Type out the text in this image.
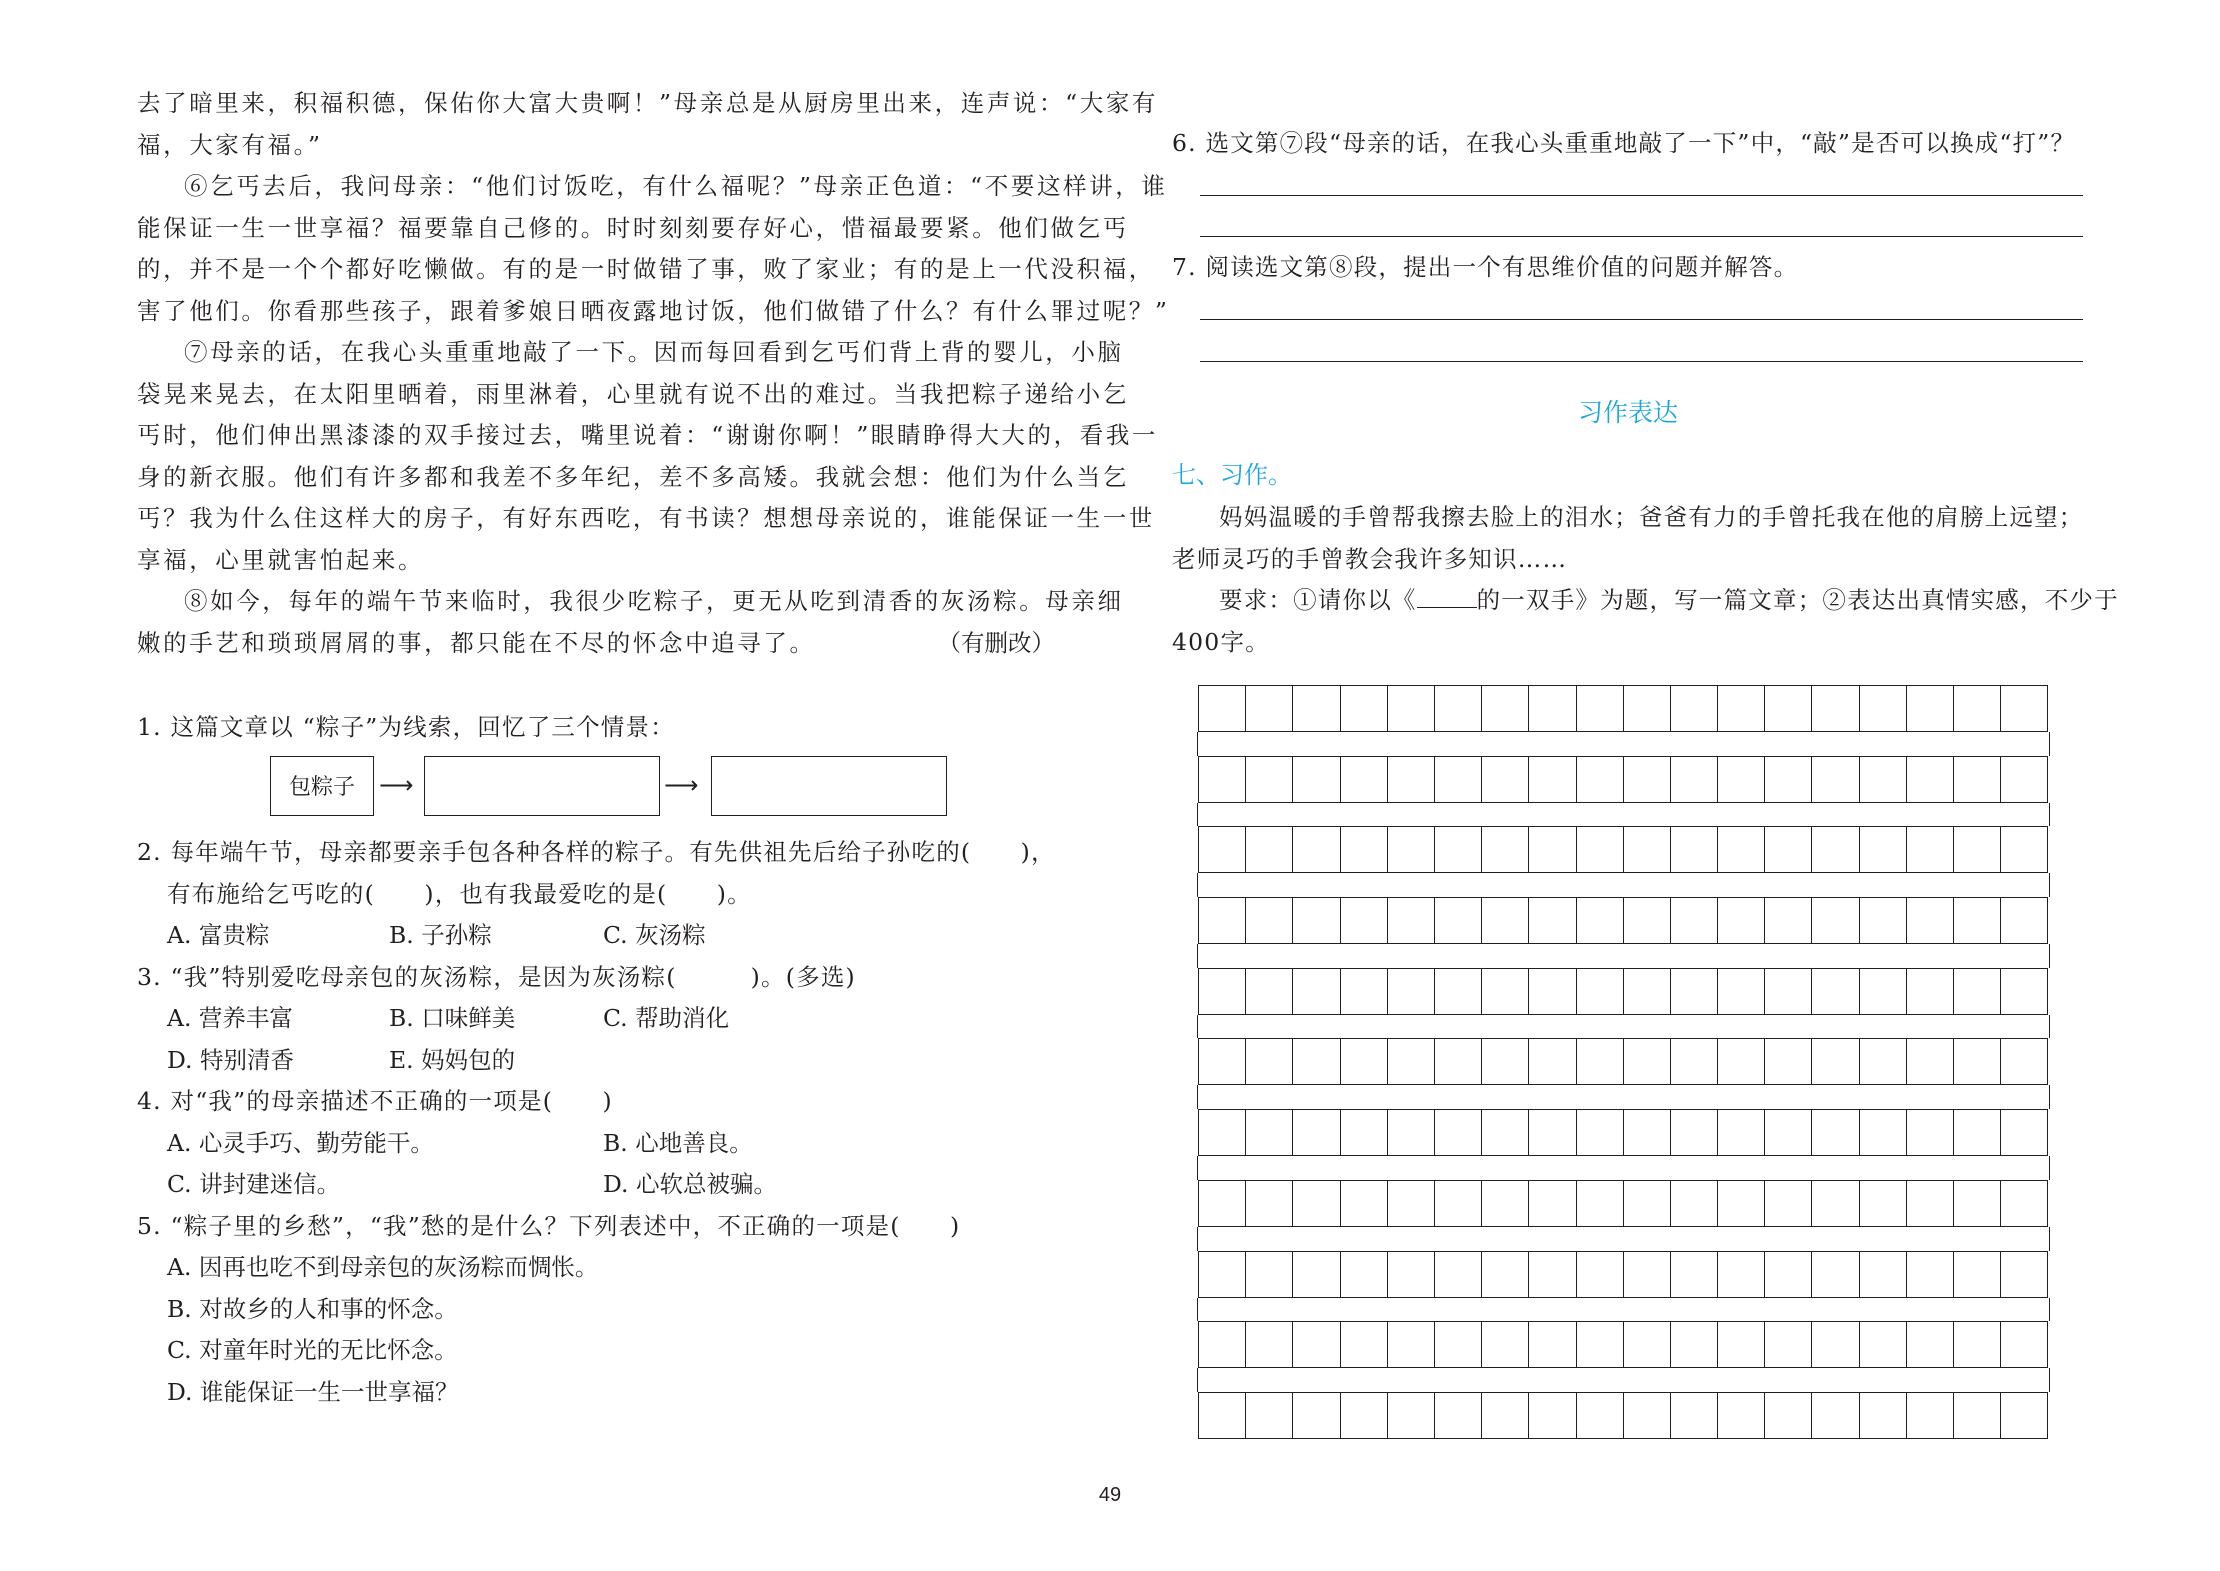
去了暗里来，积福积德，保佑你大富大贵啊！”母亲总是从厨房里出来，连声说：“大家有
福，大家有福。”
⑥乞丐去后，我问母亲：“他们讨饭吃，有什么福呢？”母亲正色道：“不要这样讲，谁
能保证一生一世享福？福要靠自己修的。时时刻刻要存好心，惜福最要紧。他们做乞丐
的，并不是一个个都好吃懒做。有的是一时做错了事，败了家业；有的是上一代没积福，
害了他们。你看那些孩子，跟着爹娘日晒夜露地讨饭，他们做错了什么？有什么罪过呢？”
⑦母亲的话，在我心头重重地敲了一下。因而每回看到乞丐们背上背的婴儿，小脑
袋晃来晃去，在太阳里晒着，雨里淋着，心里就有说不出的难过。当我把粽子递给小乞
丐时，他们伸出黑漆漆的双手接过去，嘴里说着：“谢谢你啊！”眼睛睁得大大的，看我一
身的新衣服。他们有许多都和我差不多年纪，差不多高矮。我就会想：他们为什么当乞
丐？我为什么住这样大的房子，有好东西吃，有书读？想想母亲说的，谁能保证一生一世
享福，心里就害怕起来。
⑧如今，每年的端午节来临时，我很少吃粽子，更无从吃到清香的灰汤粽。母亲细
嫩的手艺和琐琐屑屑的事，都只能在不尽的怀念中追寻了。	（有删改）
1. 这篇文章以 “粽子”为线索，回忆了三个情景：
包粽子	⟶	⟶
2. 每年端午节，母亲都要亲手包各种各样的粽子。有先供祖先后给子孙吃的(　　)，
有布施给乞丐吃的(　　)，也有我最爱吃的是(　　)。
A. 富贵粽	B. 子孙粽	C. 灰汤粽
3. “我”特别爱吃母亲包的灰汤粽，是因为灰汤粽(　　　)。(多选)
A. 营养丰富	B. 口味鲜美	C. 帮助消化
D. 特别清香	E. 妈妈包的
4. 对“我”的母亲描述不正确的一项是(　　)
A. 心灵手巧、勤劳能干。	B. 心地善良。
C. 讲封建迷信。	D. 心软总被骗。
5. “粽子里的乡愁”，“我”愁的是什么？下列表述中，不正确的一项是(　　)
A. 因再也吃不到母亲包的灰汤粽而惆怅。
B. 对故乡的人和事的怀念。
C. 对童年时光的无比怀念。
D. 谁能保证一生一世享福？
6. 选文第⑦段“母亲的话，在我心头重重地敲了一下”中，“敲”是否可以换成“打”？
7. 阅读选文第⑧段，提出一个有思维价值的问题并解答。
习作表达
七、习作。
妈妈温暖的手曾帮我擦去脸上的泪水；爸爸有力的手曾托我在他的肩膀上远望；
老师灵巧的手曾教会我许多知识……
要求：①请你以《	的一双手》为题，写一篇文章；②表达出真情实感，不少于
400字。
49
